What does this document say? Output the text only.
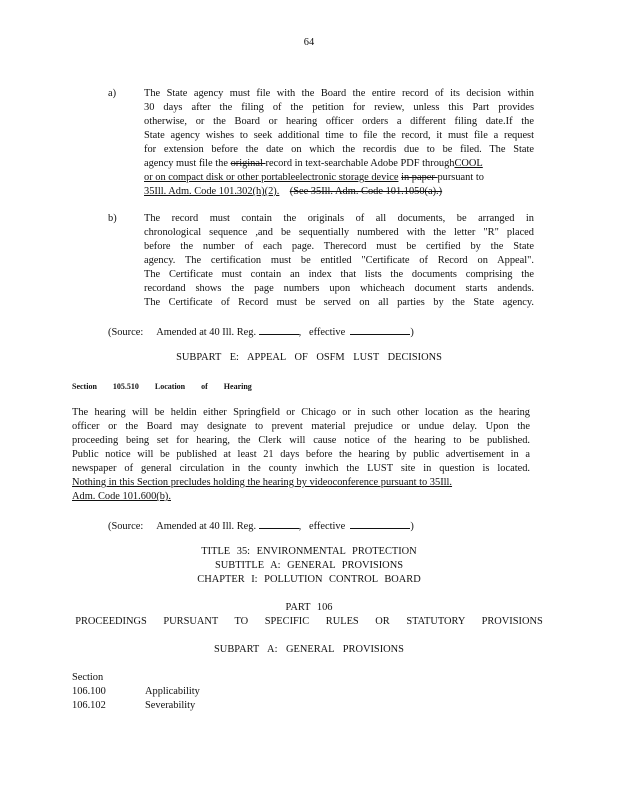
64
a)	The State agency must file with the Board the entire record of its decision within
30 days after the filing of the petition for review, unless this Part provides
otherwise, or the Board or hearing officer orders a different filing date.If the
State agency wishes to seek additional time to file the record, it must file a request
for extension before the date on which the recordis due to be filed. The State
agency must file the original record in text-searchable Adobe PDF throughCOOL
or on compact disk or other portableelectronic storage device in paper pursuant to
35Ill. Adm. Code 101.302(h)(2). (See 35Ill. Adm. Code 101.1050(a).)
b)	The record must contain the originals of all documents, be arranged in
chronological sequence ,and be sequentially numbered with the letter "R" placed
before the number of each page. Therecord must be certified by the State
agency. The certification must be entitled "Certificate of Record on Appeal".
The Certificate must contain an index that lists the documents comprising the
recordand shows the page numbers upon whicheach document starts andends.
The Certificate of Record must be served on all parties by the State agency.
(Source: Amended at 40 Ill. Reg.	,   effective	)
SUBPART E: APPEAL OF OSFM LUST DECISIONS
Section 105.510 Location of Hearing
The hearing will be heldin either Springfield or Chicago or in such other location as the hearing
officer or the Board may designate to prevent material prejudice or undue delay. Upon the
proceeding being set for hearing, the Clerk will cause notice of the hearing to be published.
Public notice will be published at least 21 days before the hearing by public advertisement in a
newspaper of general circulation in the county inwhich the LUST site in question is located.
Nothing in this Section precludes holding the hearing by videoconference pursuant to 35Ill.
Adm. Code 101.600(b).
(Source: Amended at 40 Ill. Reg.	,   effective	)
TITLE 35: ENVIRONMENTAL PROTECTION
SUBTITLE A: GENERAL PROVISIONS
CHAPTER I: POLLUTION CONTROL BOARD
PART 106
PROCEEDINGS PURSUANT TO SPECIFIC RULES OR STATUTORY PROVISIONS
SUBPART A: GENERAL PROVISIONS
Section
106.100	Applicability
106.102	Severability
